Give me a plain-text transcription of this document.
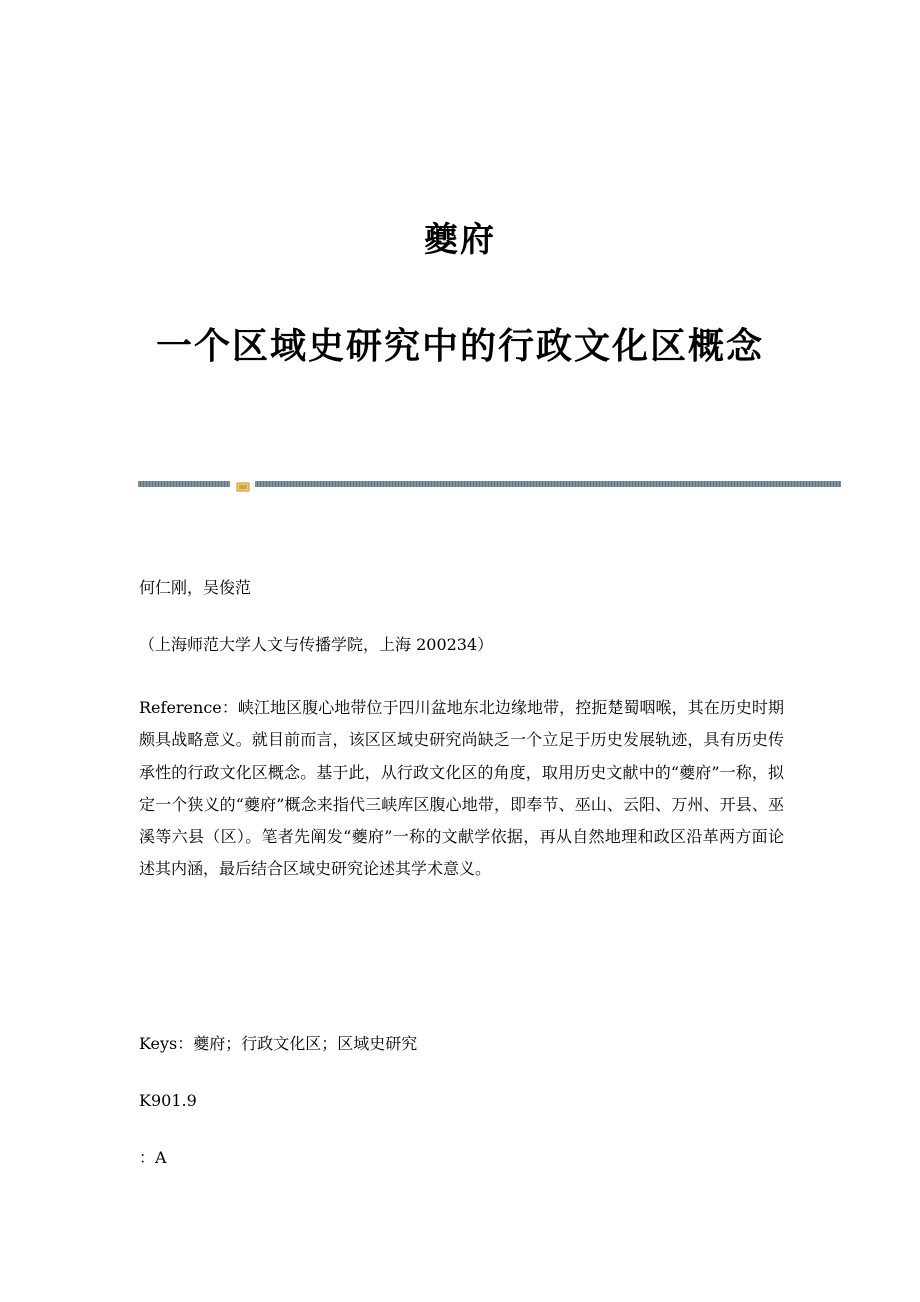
夔府
一个区域史研究中的行政文化区概念
何仁刚，吴俊范
（上海师范大学人文与传播学院，上海 200234）
Reference：峡江地区腹心地带位于四川盆地东北边缘地带，控扼楚蜀咽喉，其在历史时期颇具战略意义。就目前而言，该区区域史研究尚缺乏一个立足于历史发展轨迹，具有历史传承性的行政文化区概念。基于此，从行政文化区的角度，取用历史文献中的“夔府”一称，拟定一个狭义的“夔府”概念来指代三峡库区腹心地带，即奉节、巫山、云阳、万州、开县、巫溪等六县（区）。笔者先阐发“夔府”一称的文献学依据，再从自然地理和政区沿革两方面论述其内涵，最后结合区域史研究论述其学术意义。
Keys：夔府；行政文化区；区域史研究
K901.9
：A
